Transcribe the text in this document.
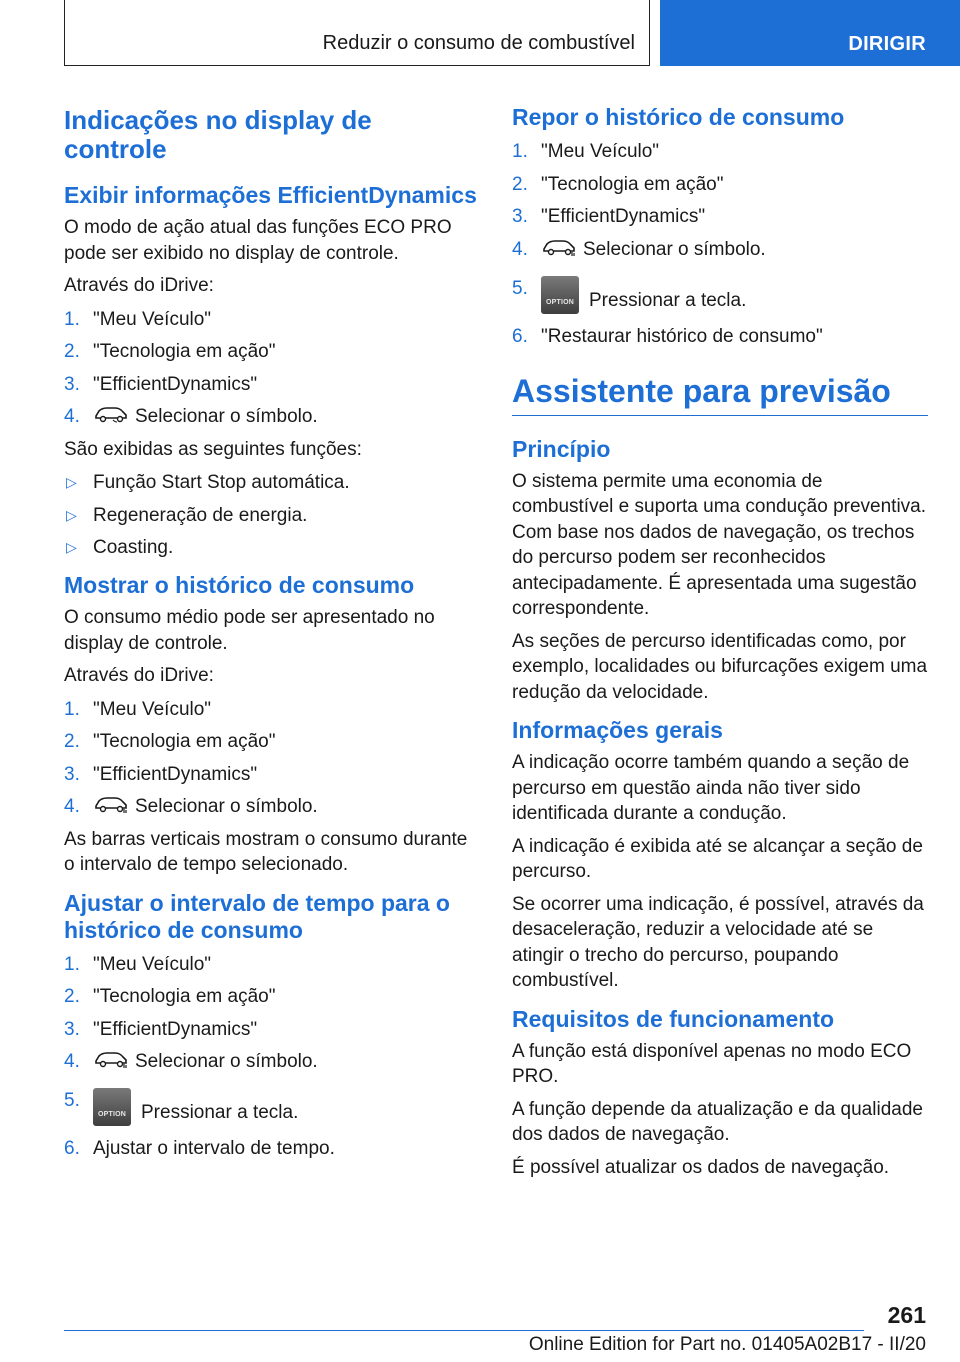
Reduzir o consumo de combustível	DIRIGIR
Indicações no display de controle
Exibir informações EfficientDynamics

O modo de ação atual das funções ECO PRO pode ser exibido no display de controle.

Através do iDrive:

1. "Meu Veículo"
2. "Tecnologia em ação"
3. "EfficientDynamics"
4.	Selecionar o símbolo.

São exibidas as seguintes funções:

▷ Função Start Stop automática.
▷ Regeneração de energia.
▷ Coasting.
Mostrar o histórico de consumo

O consumo médio pode ser apresentado no display de controle.

Através do iDrive:

1. "Meu Veículo"
2. "Tecnologia em ação"
3. "EfficientDynamics"
4.	Selecionar o símbolo.

As barras verticais mostram o consumo durante o intervalo de tempo selecionado.

Ajustar o intervalo de tempo para o histórico de consumo
1. "Meu Veículo"
2. "Tecnologia em ação"
3. "EfficientDynamics"
4.	Selecionar o símbolo.
5.
OPTION Pressionar a tecla.
6. Ajustar o intervalo de tempo.
Repor o histórico de consumo
1. "Meu Veículo"
2. "Tecnologia em ação"
3. "EfficientDynamics"
4.	Selecionar o símbolo.
5.
OPTION Pressionar a tecla.
6. "Restaurar histórico de consumo"
Assistente para previsão
Princípio

O sistema permite uma economia de combustível e suporta uma condução preventiva. Com base nos dados de navegação, os trechos do percurso podem ser reconhecidos antecipadamente. É apresentada uma sugestão correspondente.

As seções de percurso identificadas como, por exemplo, localidades ou bifurcações exigem uma redução da velocidade.

Informações gerais

A indicação ocorre também quando a seção de percurso em questão ainda não tiver sido identificada durante a condução.

A indicação é exibida até se alcançar a seção de percurso.

Se ocorrer uma indicação, é possível, através da desaceleração, reduzir a velocidade até se atingir o trecho do percurso, poupando combustível.

Requisitos de funcionamento

A função está disponível apenas no modo ECO PRO.

A função depende da atualização e da qualidade dos dados de navegação.

É possível atualizar os dados de navegação.

261
Online Edition for Part no. 01405A02B17 - II/20
